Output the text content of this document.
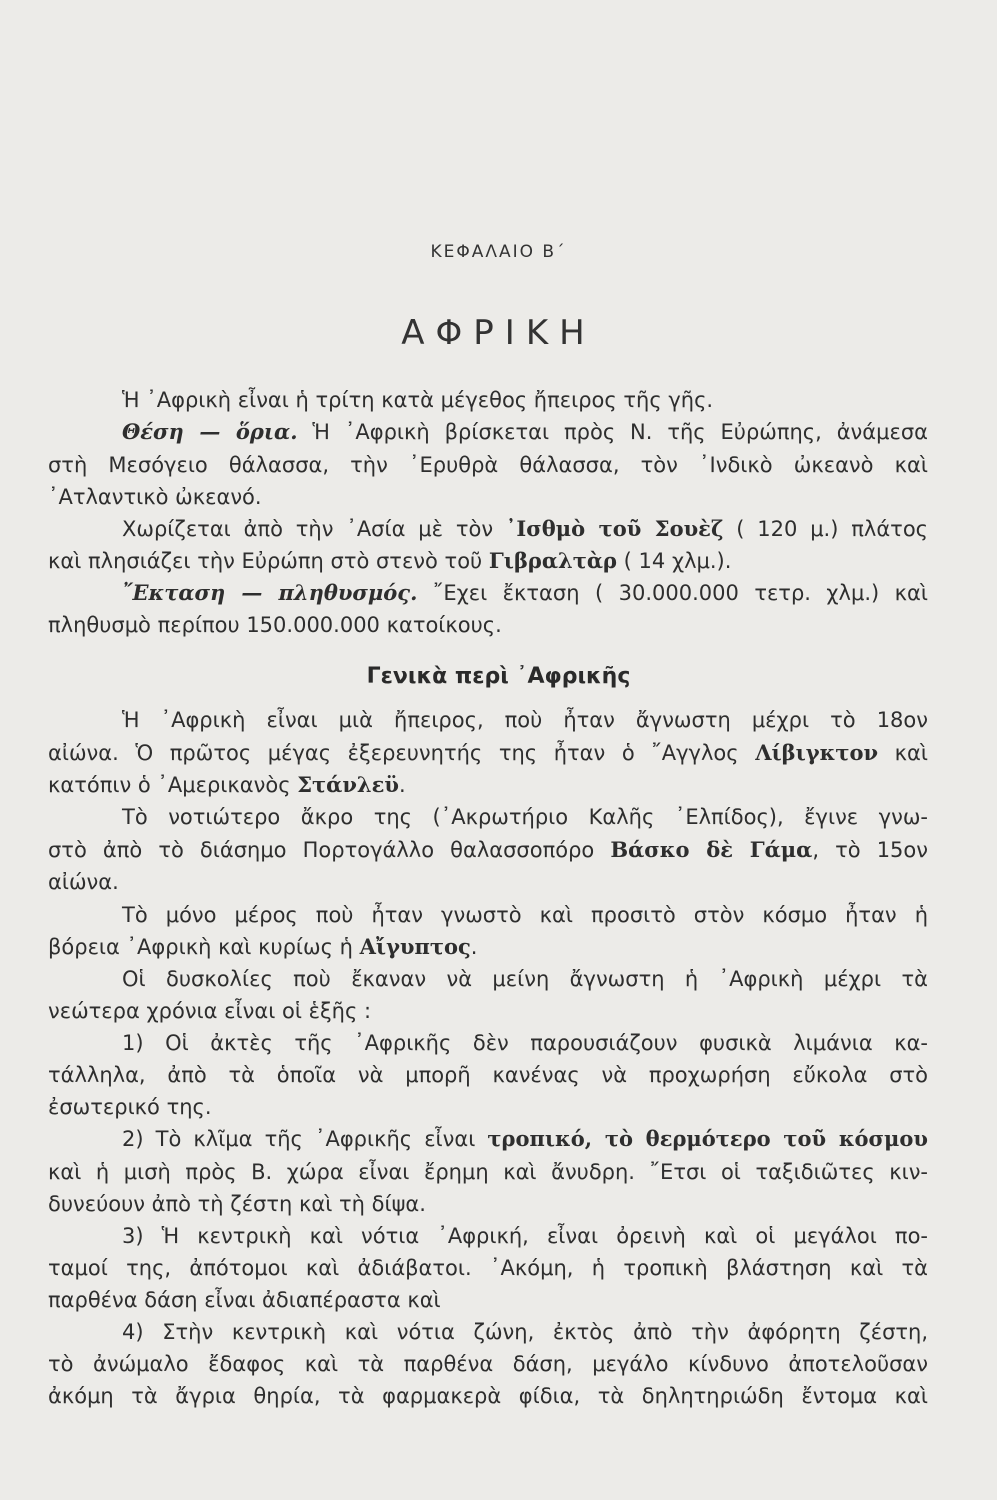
ΚΕΦΑΛΑΙΟ Β΄
ΑΦΡΙΚΗ
Ἡ ᾿Αφρικὴ εἶναι ἡ τρίτη κατὰ μέγεθος ἤπειρος τῆς γῆς.
Θέση — ὅρια. Ἡ ᾿Αφρικὴ βρίσκεται πρὸς Ν. τῆς Εὐρώπης, ἀνάμεσα
στὴ Μεσόγειο θάλασσα, τὴν ᾿Ερυθρὰ θάλασσα, τὸν ᾿Ινδικὸ ὠκεανὸ καὶ
᾿Ατλαντικὸ ὠκεανό.
Χωρίζεται ἀπὸ τὴν ᾿Ασία μὲ τὸν ᾿Ισθμὸ τοῦ Σουὲζ ( 120 μ.) πλάτος
καὶ πλησιάζει τὴν Εὐρώπη στὸ στενὸ τοῦ Γιβραλτὰρ ( 14 χλμ.).
῎Εκταση — πληθυσμός. ῎Εχει ἔκταση ( 30.000.000 τετρ. χλμ.) καὶ
πληθυσμὸ περίπου 150.000.000 κατοίκους.
Γενικὰ περὶ ᾿Αφρικῆς
Ἡ ᾿Αφρικὴ εἶναι μιὰ ἤπειρος, ποὺ ἦταν ἄγνωστη μέχρι τὸ 18ον
αἰώνα. Ὁ πρῶτος μέγας ἐξερευνητής της ἦταν ὁ ῎Αγγλος Λίβιγκτον καὶ
κατόπιν ὁ ᾿Αμερικανὸς Στάνλεϋ.
Τὸ νοτιώτερο ἄκρο της (᾿Ακρωτήριο Καλῆς ᾿Ελπίδος), ἔγινε γνω-
στὸ ἀπὸ τὸ διάσημο Πορτογάλλο θαλασσοπόρο Βάσκο δὲ Γάμα, τὸ 15ον
αἰώνα.
Τὸ μόνο μέρος ποὺ ἦταν γνωστὸ καὶ προσιτὸ στὸν κόσμο ἦταν ἡ
βόρεια ᾿Αφρικὴ καὶ κυρίως ἡ Αἴγυπτος.
Οἱ δυσκολίες ποὺ ἔκαναν νὰ μείνη ἄγνωστη ἡ ᾿Αφρικὴ μέχρι τὰ
νεώτερα χρόνια εἶναι οἱ ἑξῆς :
1) Οἱ ἀκτὲς τῆς ᾿Αφρικῆς δὲν παρουσιάζουν φυσικὰ λιμάνια κα-
τάλληλα, ἀπὸ τὰ ὁποῖα νὰ μπορῆ κανένας νὰ προχωρήση εὔκολα στὸ
ἐσωτερικό της.
2) Τὸ κλῖμα τῆς ᾿Αφρικῆς εἶναι τροπικό, τὸ θερμότερο τοῦ κόσμου
καὶ ἡ μισὴ πρὸς Β. χώρα εἶναι ἔρημη καὶ ἄνυδρη. ῎Ετσι οἱ ταξιδιῶτες κιν-
δυνεύουν ἀπὸ τὴ ζέστη καὶ τὴ δίψα.
3) Ἡ κεντρικὴ καὶ νότια ᾿Αφρική, εἶναι ὀρεινὴ καὶ οἱ μεγάλοι πο-
ταμοί της, ἀπότομοι καὶ ἀδιάβατοι. ᾿Ακόμη, ἡ τροπικὴ βλάστηση καὶ τὰ
παρθένα δάση εἶναι ἀδιαπέραστα καὶ
4) Στὴν κεντρικὴ καὶ νότια ζώνη, ἐκτὸς ἀπὸ τὴν ἀφόρητη ζέστη,
τὸ ἀνώμαλο ἔδαφος καὶ τὰ παρθένα δάση, μεγάλο κίνδυνο ἀποτελοῦσαν
ἀκόμη τὰ ἄγρια θηρία, τὰ φαρμακερὰ φίδια, τὰ δηλητηριώδη ἔντομα καὶ
